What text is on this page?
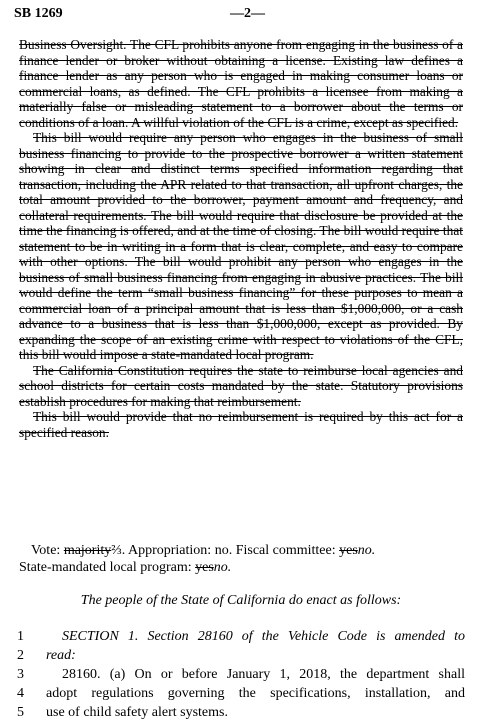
SB 1269	—2—

Business Oversight. The CFL prohibits anyone from engaging in the business of a finance lender or broker without obtaining a license. Existing law defines a finance lender as any person who is engaged in making consumer loans or commercial loans, as defined. The CFL prohibits a licensee from making a materially false or misleading statement to a borrower about the terms or conditions of a loan. A willful violation of the CFL is a crime, except as specified.

This bill would require any person who engages in the business of small business financing to provide to the prospective borrower a written statement showing in clear and distinct terms specified information regarding that transaction, including the APR related to that transaction, all upfront charges, the total amount provided to the borrower, payment amount and frequency, and collateral requirements. The bill would require that disclosure be provided at the time the financing is offered, and at the time of closing. The bill would require that statement to be in writing in a form that is clear, complete, and easy to compare with other options. The bill would prohibit any person who engages in the business of small business financing from engaging in abusive practices. The bill would define the term “small business financing” for these purposes to mean a commercial loan of a principal amount that is less than $1,000,000, or a cash advance to a business that is less than $1,000,000, except as provided. By expanding the scope of an existing crime with respect to violations of the CFL, this bill would impose a state-mandated local program.

The California Constitution requires the state to reimburse local agencies and school districts for certain costs mandated by the state. Statutory provisions establish procedures for making that reimbursement.

This bill would provide that no reimbursement is required by this act for a specified reason.

Vote: majority⅔. Appropriation: no. Fiscal committee: yesno.
State-mandated local program: yesno.
The people of the State of California do enact as follows:
1	SECTION 1. Section 28160 of the Vehicle Code is amended to
2 read:
3	28160. (a) On or before January 1, 2018, the department shall
4 adopt regulations governing the specifications, installation, and
5 use of child safety alert systems.
